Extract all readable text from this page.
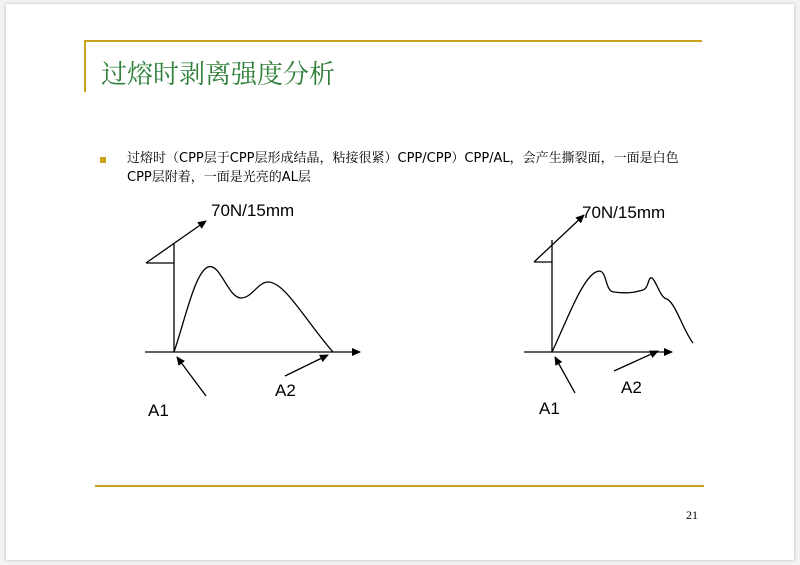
过熔时剥离强度分析
过熔时（CPP层于CPP层形成结晶，粘接很紧）CPP/CPP）CPP/AL，会产生撕裂面，一面是白色CPP层附着，一面是光亮的AL层
70N/15mm
A1
A2
70N/15mm
A1
A2
21
